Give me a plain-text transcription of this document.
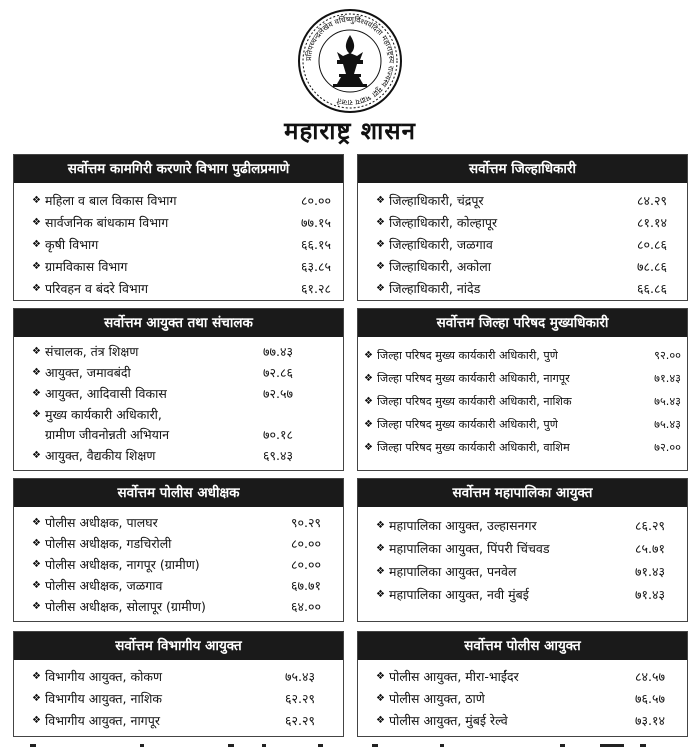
प्रतिपच्चन्द्रलेखेव वर्धिष्णुर्विश्ववंदिता महाराष्ट्रस्य राज्यस्य मुद्रा भद्राय राजते
महाराष्ट्र शासन
सर्वोत्तम कामगिरी करणारे विभाग पुढीलप्रमाणे
❖ महिला व बाल विकास विभाग	८०.००
❖ सार्वजनिक बांधकाम विभाग	७७.१५
❖ कृषी विभाग	६६.१५
❖ ग्रामविकास विभाग	६३.८५
❖ परिवहन व बंदरे विभाग	६१.२८
सर्वोत्तम जिल्हाधिकारी
❖ जिल्हाधिकारी, चंद्रपूर	८४.२९
❖ जिल्हाधिकारी, कोल्हापूर	८१.१४
❖ जिल्हाधिकारी, जळगाव	८०.८६
❖ जिल्हाधिकारी, अकोला	७८.८६
❖ जिल्हाधिकारी, नांदेड	६६.८६
सर्वोत्तम आयुक्त तथा संचालक
❖ संचालक, तंत्र शिक्षण	७७.४३
❖ आयुक्त, जमावबंदी	७२.८६
❖ आयुक्त, आदिवासी विकास	७२.५७
❖ मुख्य कार्यकारी अधिकारी,
ग्रामीण जीवनोन्नती अभियान	७०.१८
❖ आयुक्त, वैद्यकीय शिक्षण	६९.४३
सर्वोत्तम जिल्हा परिषद मुख्यधिकारी
❖ जिल्हा परिषद मुख्य कार्यकारी अधिकारी, पुणे	९२.००
❖ जिल्हा परिषद मुख्य कार्यकारी अधिकारी, नागपूर	७१.४३
❖ जिल्हा परिषद मुख्य कार्यकारी अधिकारी, नाशिक	७५.४३
❖ जिल्हा परिषद मुख्य कार्यकारी अधिकारी, पुणे	७५.४३
❖ जिल्हा परिषद मुख्य कार्यकारी अधिकारी, वाशिम	७२.००
सर्वोत्तम पोलीस अधीक्षक
❖ पोलीस अधीक्षक, पालघर	९०.२९
❖ पोलीस अधीक्षक, गडचिरोली	८०.००
❖ पोलीस अधीक्षक, नागपूर (ग्रामीण)	८०.००
❖ पोलीस अधीक्षक, जळगाव	६७.७१
❖ पोलीस अधीक्षक, सोलापूर (ग्रामीण)	६४.००
सर्वोत्तम महापालिका आयुक्त
❖ महापालिका आयुक्त, उल्हासनगर	८६.२९
❖ महापालिका आयुक्त, पिंपरी चिंचवड	८५.७१
❖ महापालिका आयुक्त, पनवेल	७१.४३
❖ महापालिका आयुक्त, नवी मुंबई	७१.४३
सर्वोत्तम विभागीय आयुक्त
❖ विभागीय आयुक्त, कोकण	७५.४३
❖ विभागीय आयुक्त, नाशिक	६२.२९
❖ विभागीय आयुक्त, नागपूर	६२.२९
सर्वोत्तम पोलीस आयुक्त
❖ पोलीस आयुक्त, मीरा-भाईंदर	८४.५७
❖ पोलीस आयुक्त, ठाणे	७६.५७
❖ पोलीस आयुक्त, मुंबई रेल्वे	७३.१४
